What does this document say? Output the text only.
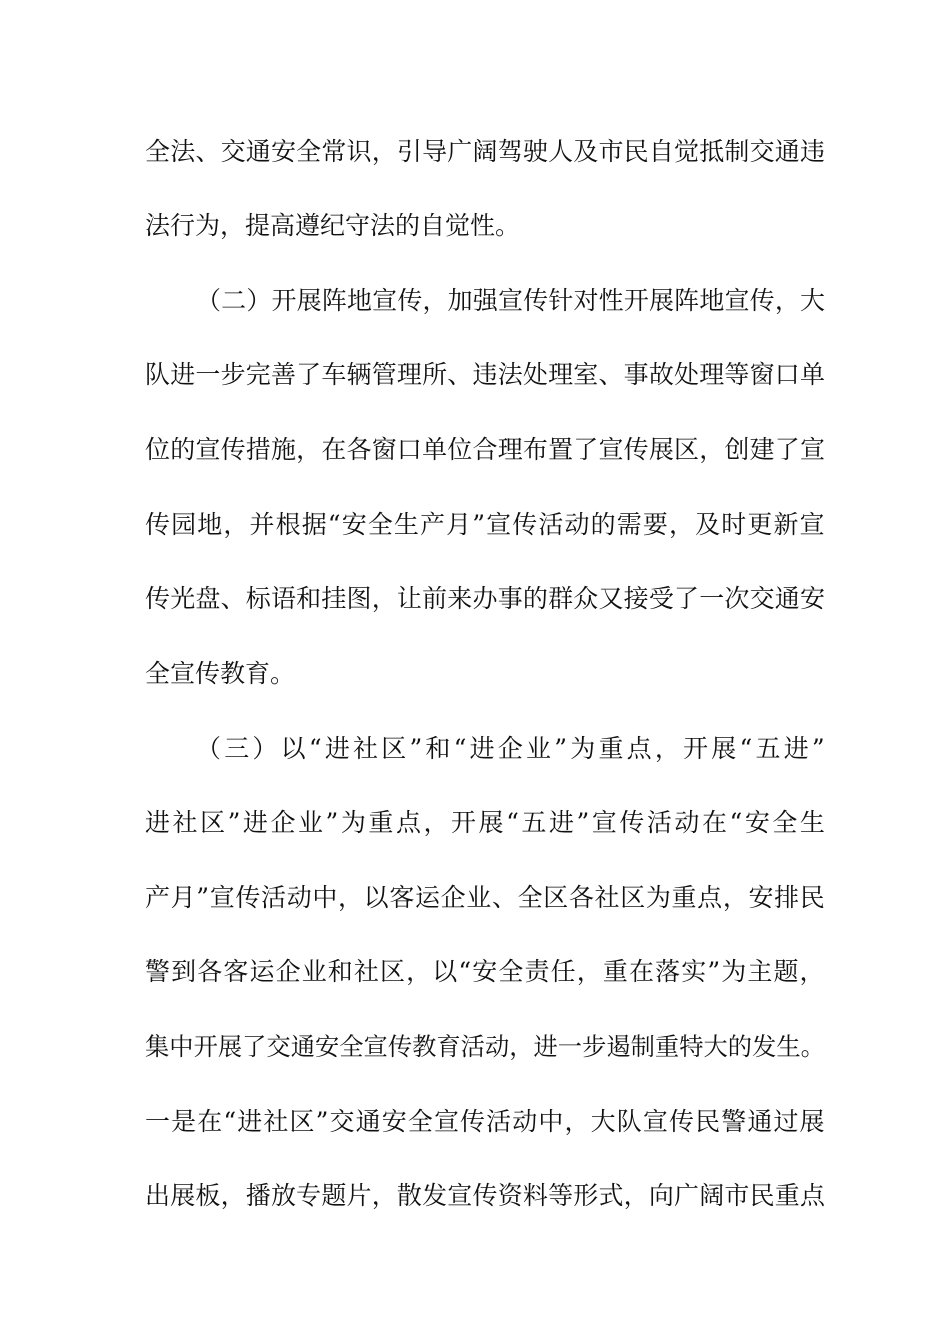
全法、交通安全常识，引导广阔驾驶人及市民自觉抵制交通违
法行为，提高遵纪守法的自觉性。
（二）开展阵地宣传，加强宣传针对性开展阵地宣传，大
队进一步完善了车辆管理所、违法处理室、事故处理等窗口单
位的宣传措施，在各窗口单位合理布置了宣传展区，创建了宣
传园地，并根据“安全生产月”宣传活动的需要，及时更新宣
传光盘、标语和挂图，让前来办事的群众又接受了一次交通安
全宣传教育。
（三）以“进社区”和“进企业”为重点，开展“五进”
进社区”进企业”为重点，开展“五进”宣传活动在“安全生
产月”宣传活动中，以客运企业、全区各社区为重点，安排民
警到各客运企业和社区，以“安全责任，重在落实”为主题，
集中开展了交通安全宣传教育活动，进一步遏制重特大的发生。
一是在“进社区”交通安全宣传活动中，大队宣传民警通过展
出展板，播放专题片，散发宣传资料等形式，向广阔市民重点
